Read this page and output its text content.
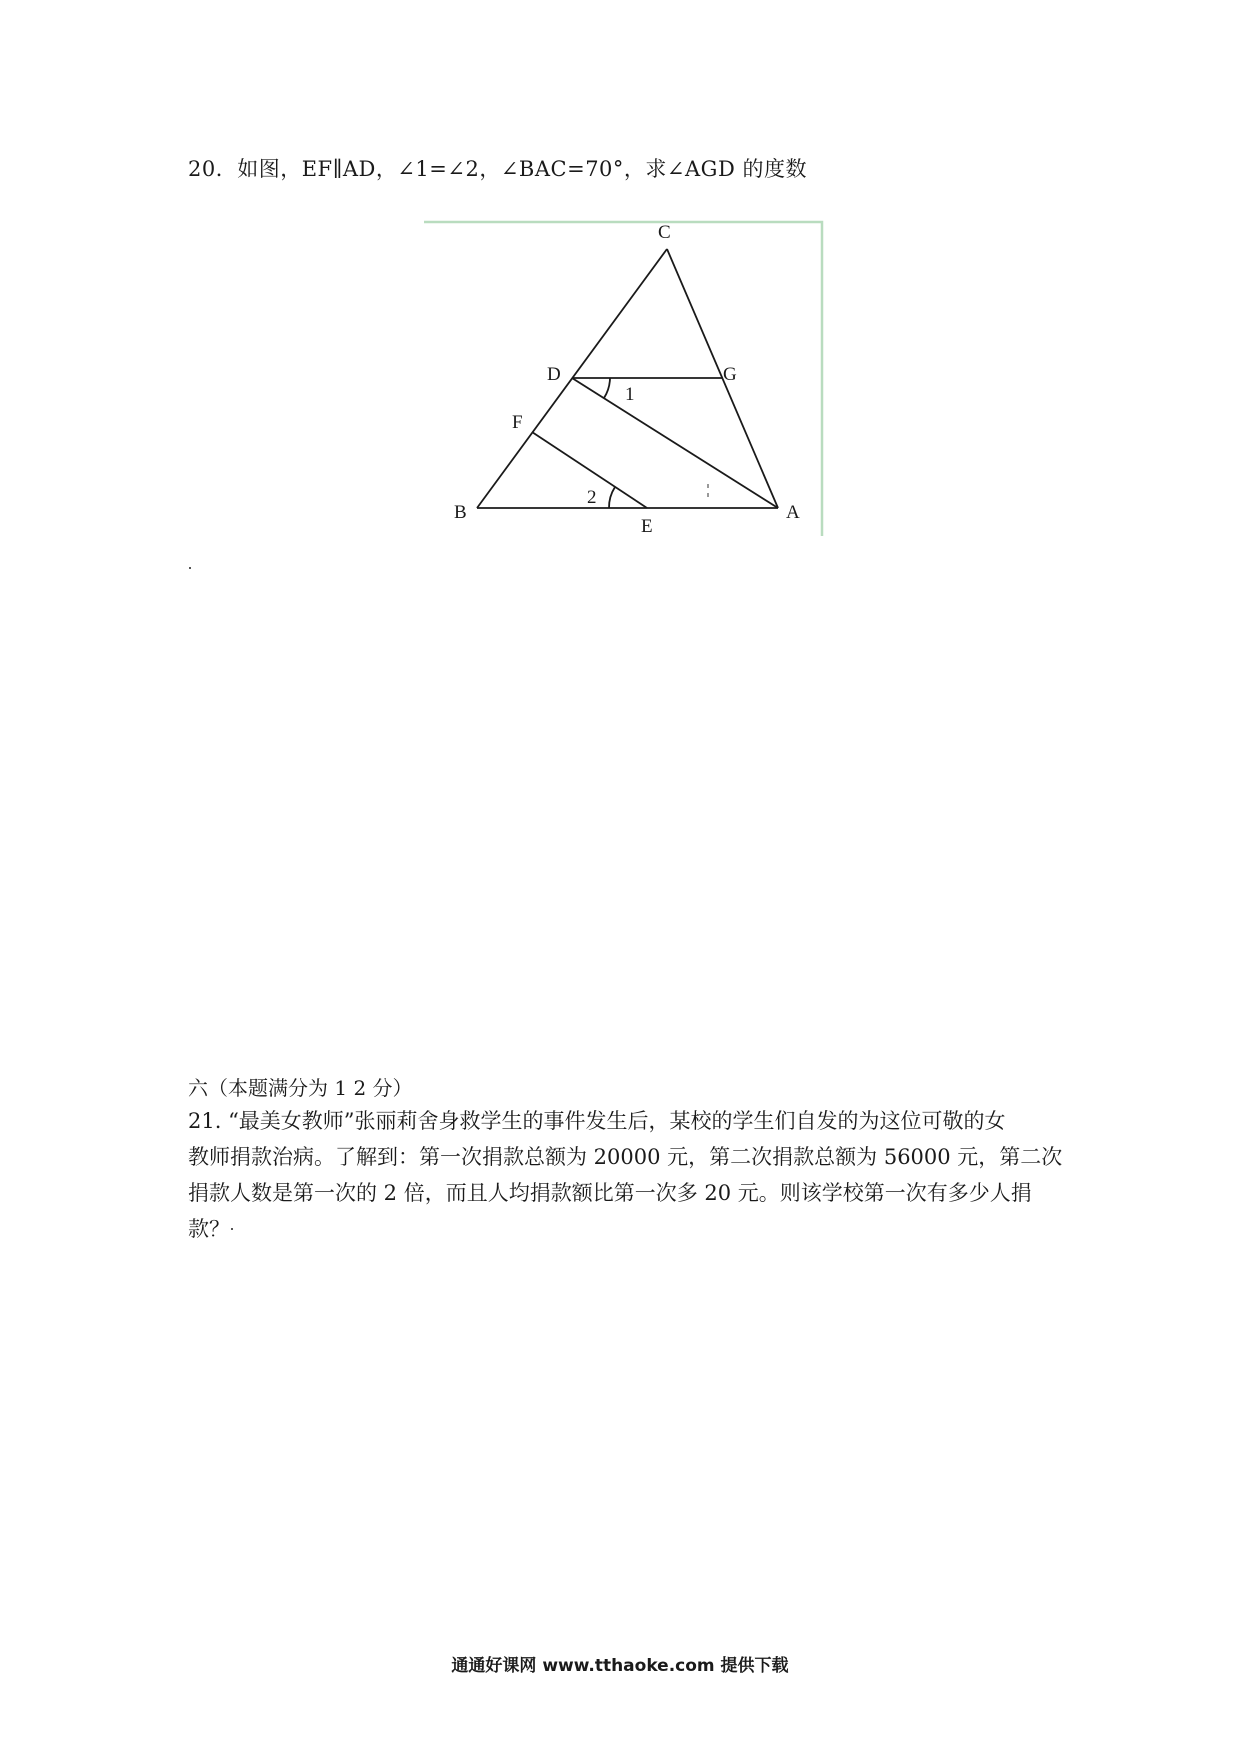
20．如图，EF∥AD，∠1=∠2，∠BAC=70°，求∠AGD 的度数
C
D	G
F
B
E
A
1
2
六（本题满分为 1 2 分）

21. “最美女教师”张丽莉舍身救学生的事件发生后，某校的学生们自发的为这位可敬的女

教师捐款治病。了解到：第一次捐款总额为 20000 元，第二次捐款总额为 56000 元，第二次

捐款人数是第一次的 2 倍，而且人均捐款额比第一次多 20 元。则该学校第一次有多少人捐

款？

通通好课网 www.tthaoke.com 提供下载
